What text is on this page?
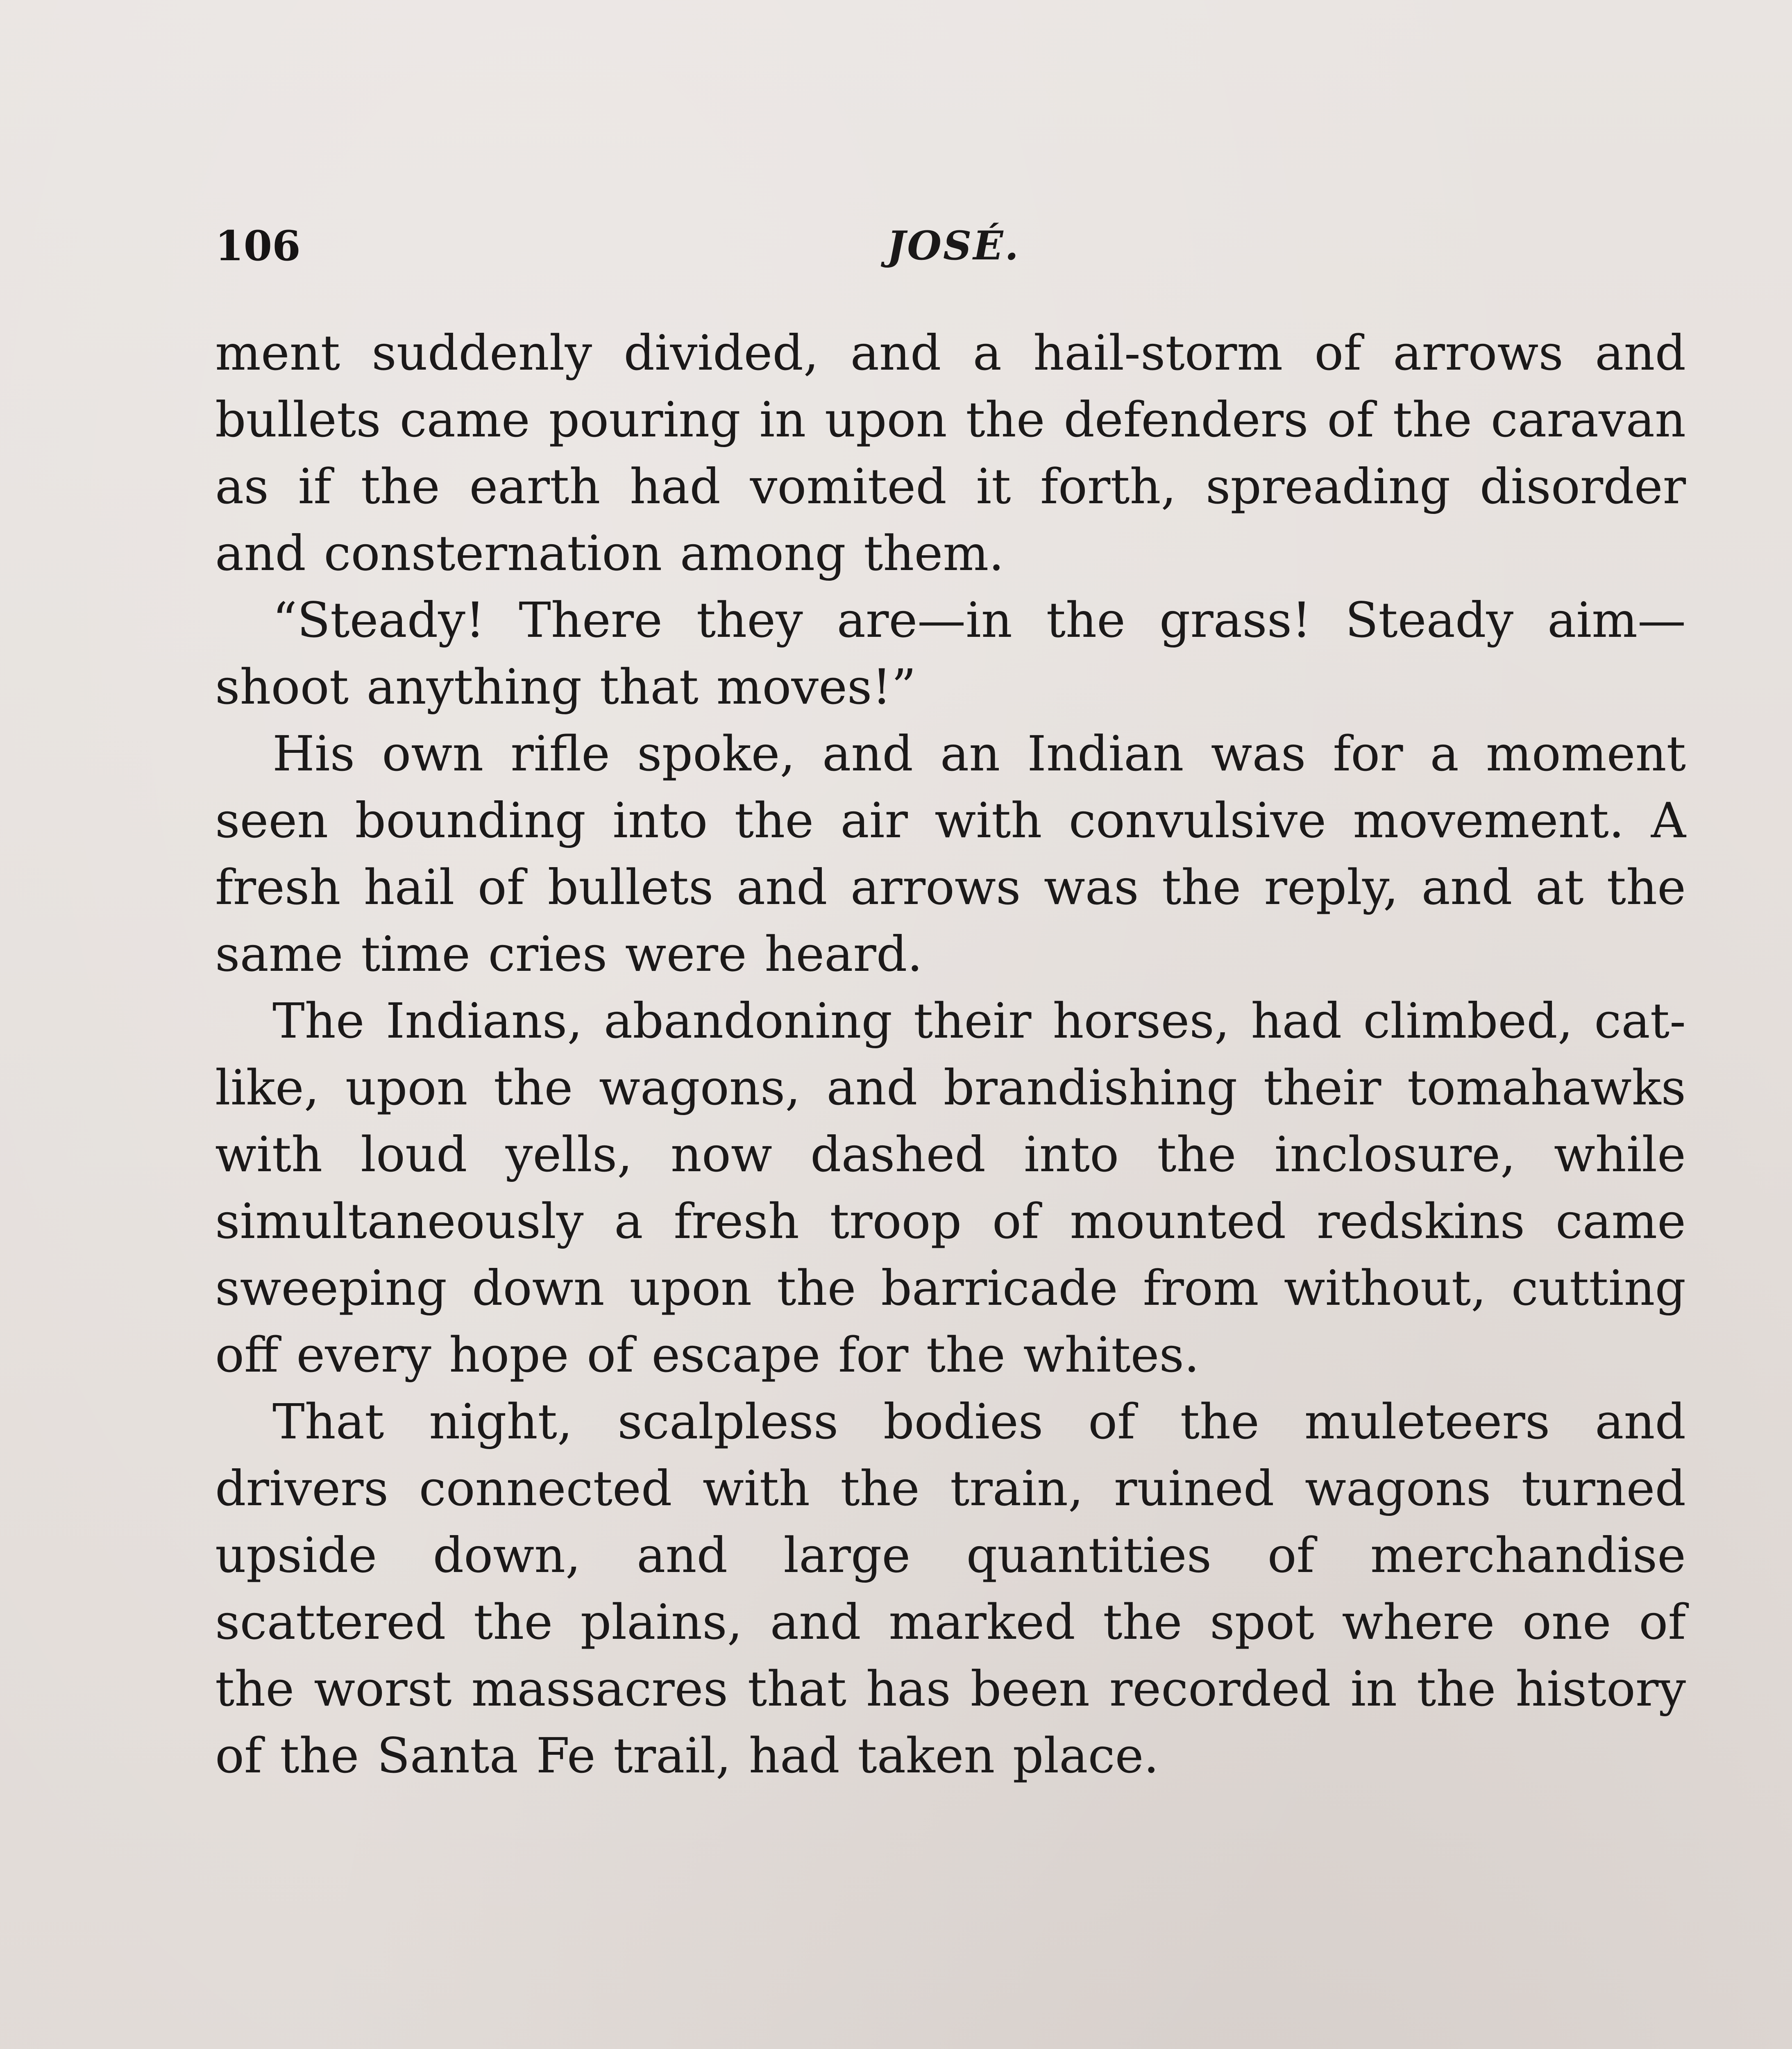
106	JOSÉ.

ment suddenly divided, and a hail-storm of arrows and bullets came pouring in upon the defenders of the caravan as if the earth had vomited it forth, spreading disorder and consternation among them.

“Steady! There they are—in the grass! Steady aim—shoot anything that moves!”

His own rifle spoke, and an Indian was for a moment seen bounding into the air with convulsive movement. A fresh hail of bullets and arrows was the reply, and at the same time cries were heard.

The Indians, abandoning their horses, had climbed, cat-like, upon the wagons, and brandishing their tomahawks with loud yells, now dashed into the inclosure, while simultaneously a fresh troop of mounted redskins came sweeping down upon the barricade from without, cutting off every hope of escape for the whites.

That night, scalpless bodies of the muleteers and drivers connected with the train, ruined wagons turned upside down, and large quantities of merchandise scattered the plains, and marked the spot where one of the worst massacres that has been recorded in the history of the Santa Fe trail, had taken place.
